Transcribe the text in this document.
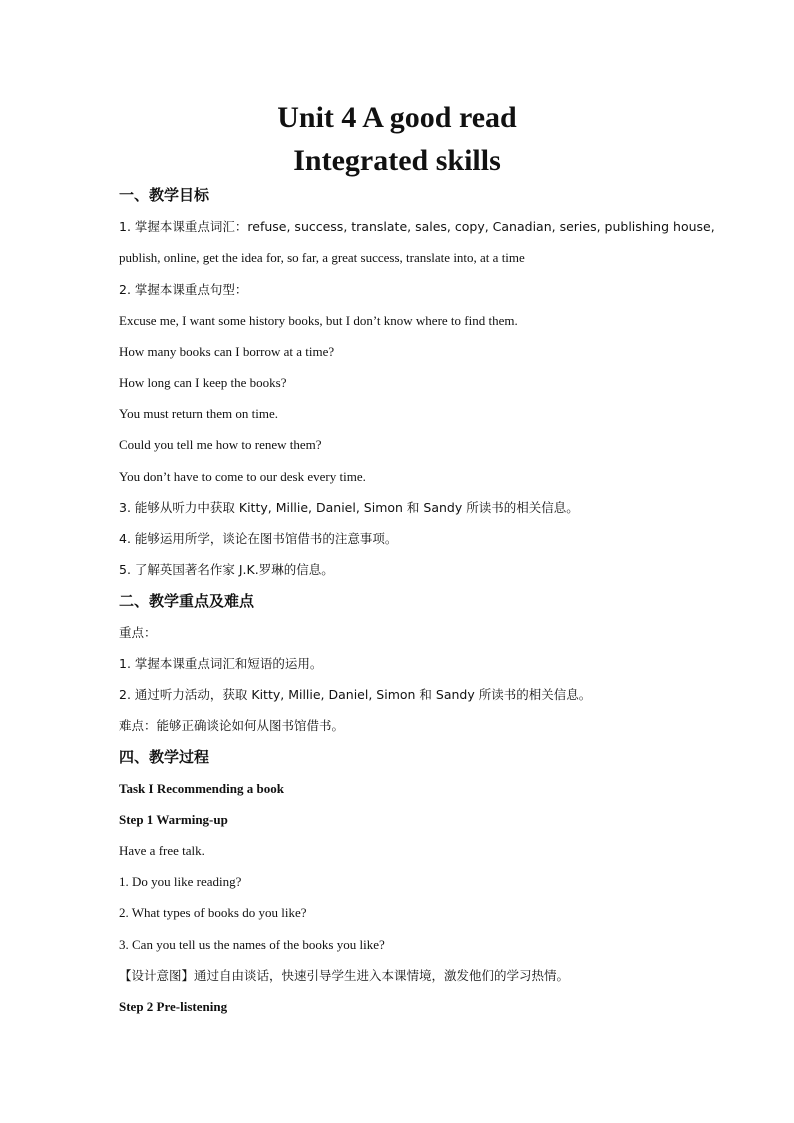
Unit 4 A good read
Integrated skills

一、教学目标

1. 掌握本课重点词汇：refuse, success, translate, sales, copy, Canadian, series, publishing house,

publish, online, get the idea for, so far, a great success, translate into, at a time

2. 掌握本课重点句型：

Excuse me, I want some history books, but I don’t know where to find them.

How many books can I borrow at a time?

How long can I keep the books?

You must return them on time.

Could you tell me how to renew them?

You don’t have to come to our desk every time.

3. 能够从听力中获取 Kitty, Millie, Daniel, Simon 和 Sandy 所读书的相关信息。

4. 能够运用所学，谈论在图书馆借书的注意事项。

5. 了解英国著名作家 J.K.罗琳的信息。

二、教学重点及难点

重点：

1. 掌握本课重点词汇和短语的运用。

2. 通过听力活动，获取 Kitty, Millie, Daniel, Simon 和 Sandy 所读书的相关信息。

难点：能够正确谈论如何从图书馆借书。

四、教学过程

Task I Recommending a book

Step 1 Warming-up

Have a free talk.

1. Do you like reading?

2. What types of books do you like?

3. Can you tell us the names of the books you like?

【设计意图】通过自由谈话，快速引导学生进入本课情境，激发他们的学习热情。

Step 2 Pre-listening
